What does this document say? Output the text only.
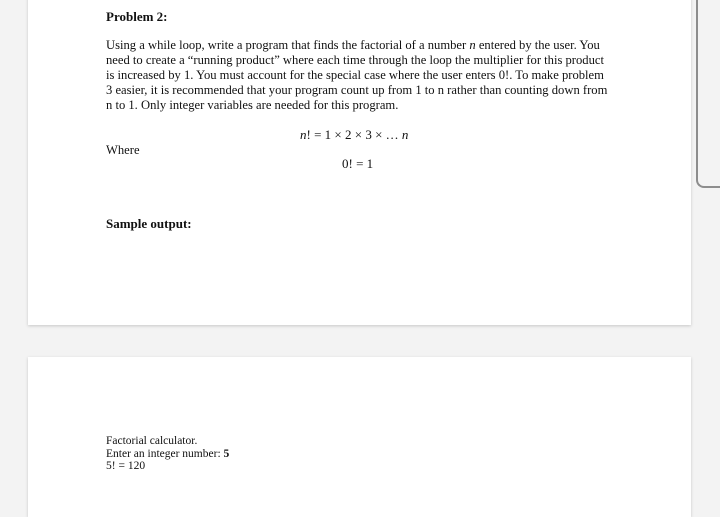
Problem 2:

Using a while loop, write a program that finds the factorial of a number n entered by the user. You need to create a “running product” where each time through the loop the multiplier for this product is increased by 1. You must account for the special case where the user enters 0!. To make problem 3 easier, it is recommended that your program count up from 1 to n rather than counting down from n to 1. Only integer variables are needed for this program.

n! = 1 × 2 × 3 × … n
Where
0! = 1
Sample output:
Factorial calculator.
Enter an integer number: 5
5! = 120
